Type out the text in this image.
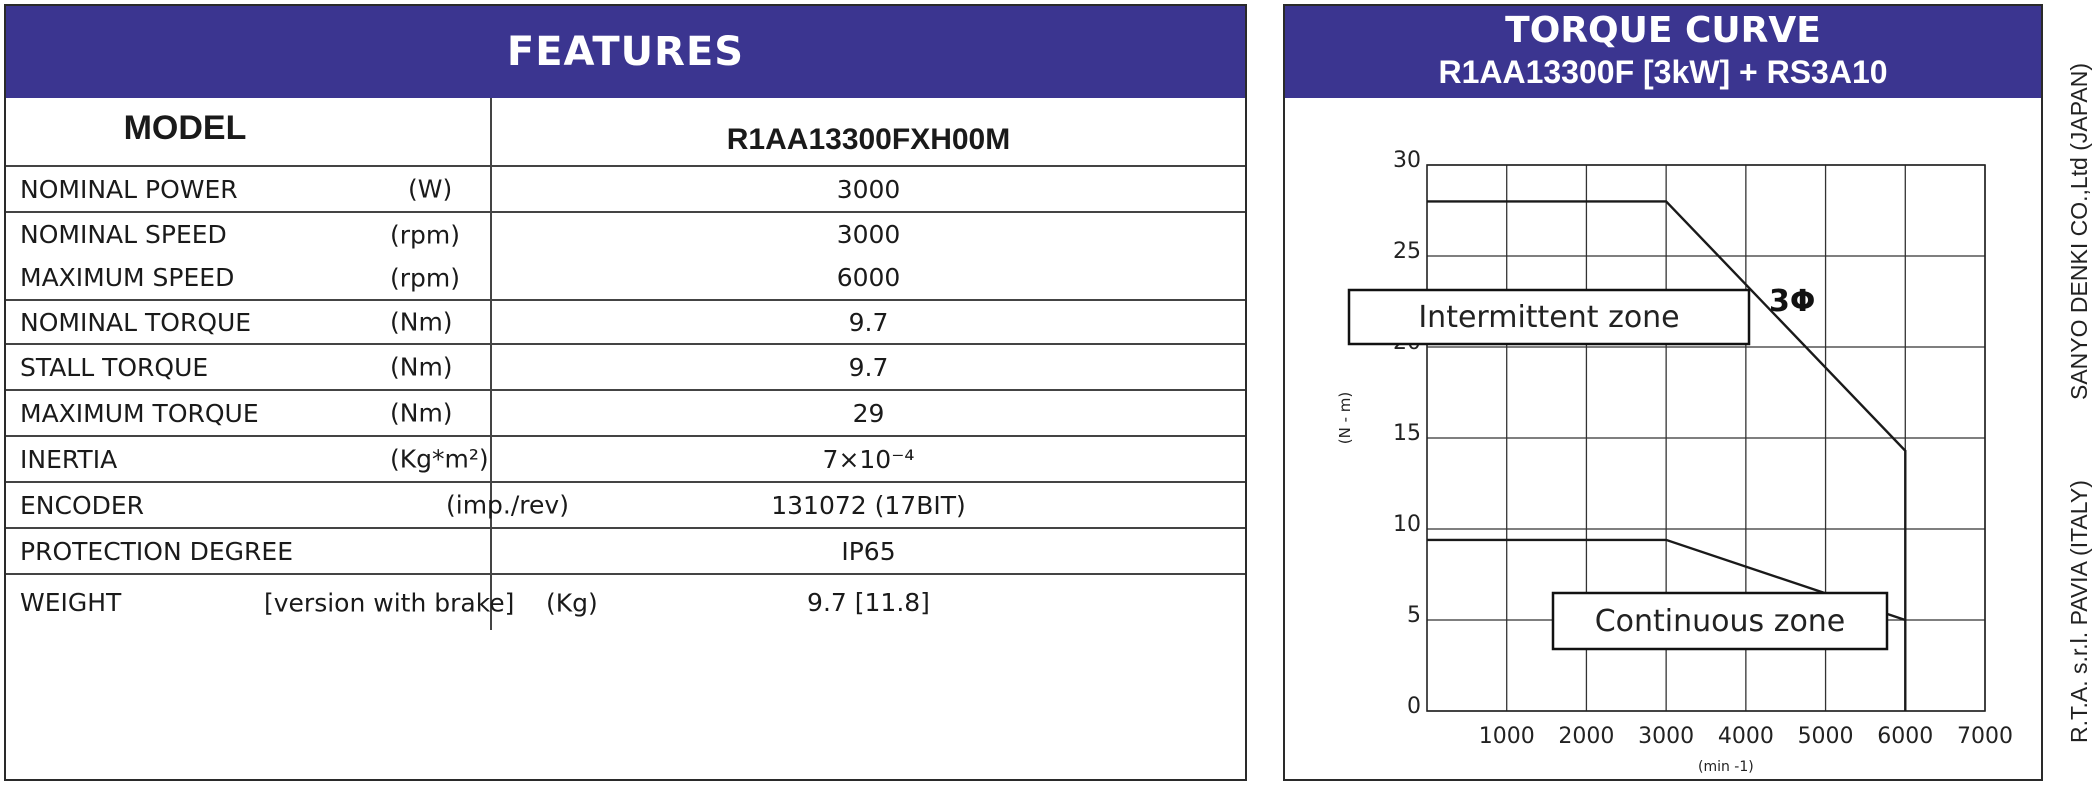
FEATURES
MODEL	R1AA13300FXH00M

NOMINAL POWER (W)	3000
NOMINAL SPEED (rpm)	3000
MAXIMUM SPEED (rpm)	6000
NOMINAL TORQUE (Nm)	9.7
STALL TORQUE (Nm)	9.7
MAXIMUM TORQUE (Nm)	29
INERTIA (Kg*m²)	7×10⁻⁴
ENCODER (imp./rev)	131072 (17BIT)
PROTECTION DEGREE	IP65
WEIGHT [version with brake] (Kg)	9.7 [11.8]
TORQUE CURVE
R1AA13300F [3kW] + RS3A10
1000 2000 3000 4000 5000 6000 7000
0
5
10
15
25
30
(N - m)
(min -1)
Intermittent zone
Continuous zone
3Φ	SANYO DENKI CO.,Ltd (JAPAN)
R.T.A. s.r.l. PAVIA (ITALY)
